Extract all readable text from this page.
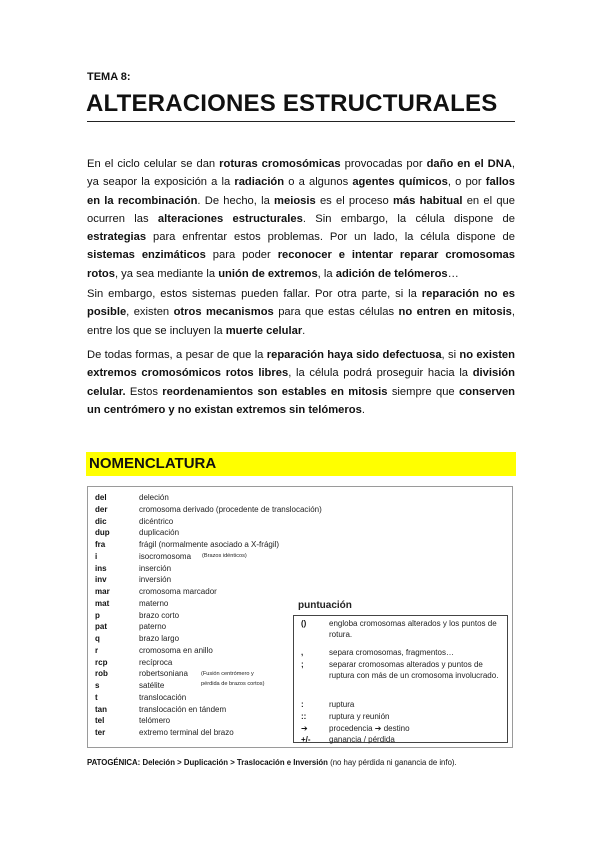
TEMA 8:
ALTERACIONES ESTRUCTURALES

En el ciclo celular se dan roturas cromosómicas provocadas por daño en el DNA, ya seapor la exposición a la radiación o a algunos agentes químicos, o por fallos en la recombinación. De hecho, la meiosis es el proceso más habitual en el que ocurren las alteraciones estructurales. Sin embargo, la célula dispone de estrategias para enfrentar estos problemas. Por un lado, la célula dispone de sistemas enzimáticos para poder reconocer e intentar reparar cromosomas rotos, ya sea mediante la unión de extremos, la adición de telómeros…

Sin embargo, estos sistemas pueden fallar. Por otra parte, si la reparación no es posible, existen otros mecanismos para que estas células no entren en mitosis, entre los que se incluyen la muerte celular.

De todas formas, a pesar de que la reparación haya sido defectuosa, si no existen extremos cromosómicos rotos libres, la célula podrá proseguir hacia la división celular. Estos reordenamientos son estables en mitosis siempre que conserven un centrómero y no existan extremos sin telómeros.

NOMENCLATURA
del	deleción
der	cromosoma derivado (procedente de translocación)
dic	dicéntrico
dup	duplicación
fra	frágil (normalmente asociado a X-frágil)
i	isocromosoma
ins	inserción
inv	inversión
mar	cromosoma marcador
mat	materno
p	brazo corto
pat	paterno
q	brazo largo
r	cromosoma en anillo
rcp	recíproca
rob	robertsoniana
s	satélite
t	translocación
tan	translocación en tándem
tel	telómero
ter	extremo terminal del brazo
(Brazos idénticos)
(Fusión centrómero y
pérdida de brazos cortos)
puntuación
()	engloba cromosomas alterados y los puntos de rotura.
,	separa cromosomas, fragmentos…
;	separar cromosomas alterados y puntos de ruptura con más de un cromosoma involucrado.
:	ruptura
::	ruptura y reunión
➔	procedencia ➔ destino
+/-	ganancia / pérdida
PATOGÉNICA: Deleción > Duplicación > Traslocación e Inversión (no hay pérdida ni ganancia de info).
